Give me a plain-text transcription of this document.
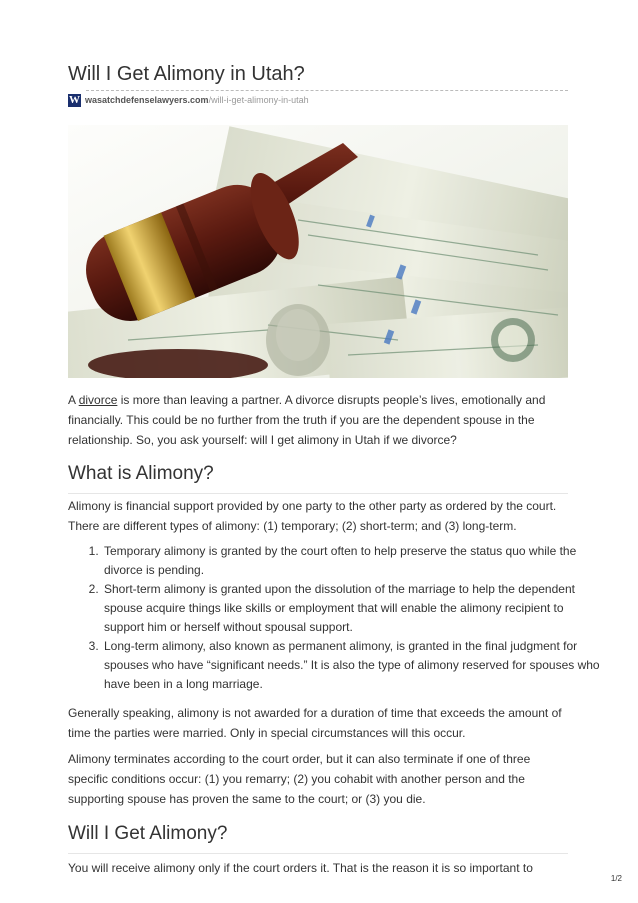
Will I Get Alimony in Utah?
W wasatchdefenselawyers.com/will-i-get-alimony-in-utah

A divorce is more than leaving a partner. A divorce disrupts people’s lives, emotionally and financially. This could be no further from the truth if you are the dependent spouse in the relationship. So, you ask yourself: will I get alimony in Utah if we divorce?

What is Alimony?

Alimony is financial support provided by one party to the other party as ordered by the court. There are different types of alimony: (1) temporary; (2) short-term; and (3) long-term.

1. Temporary alimony is granted by the court often to help preserve the status quo while the divorce is pending.
2. Short-term alimony is granted upon the dissolution of the marriage to help the dependent spouse acquire things like skills or employment that will enable the alimony recipient to support him or herself without spousal support.
3. Long-term alimony, also known as permanent alimony, is granted in the final judgment for spouses who have “significant needs.” It is also the type of alimony reserved for spouses who have been in a long marriage.

Generally speaking, alimony is not awarded for a duration of time that exceeds the amount of time the parties were married. Only in special circumstances will this occur.

Alimony terminates according to the court order, but it can also terminate if one of three specific conditions occur: (1) you remarry; (2) you cohabit with another person and the supporting spouse has proven the same to the court; or (3) you die.

Will I Get Alimony?

You will receive alimony only if the court orders it. That is the reason it is so important to

1/2
